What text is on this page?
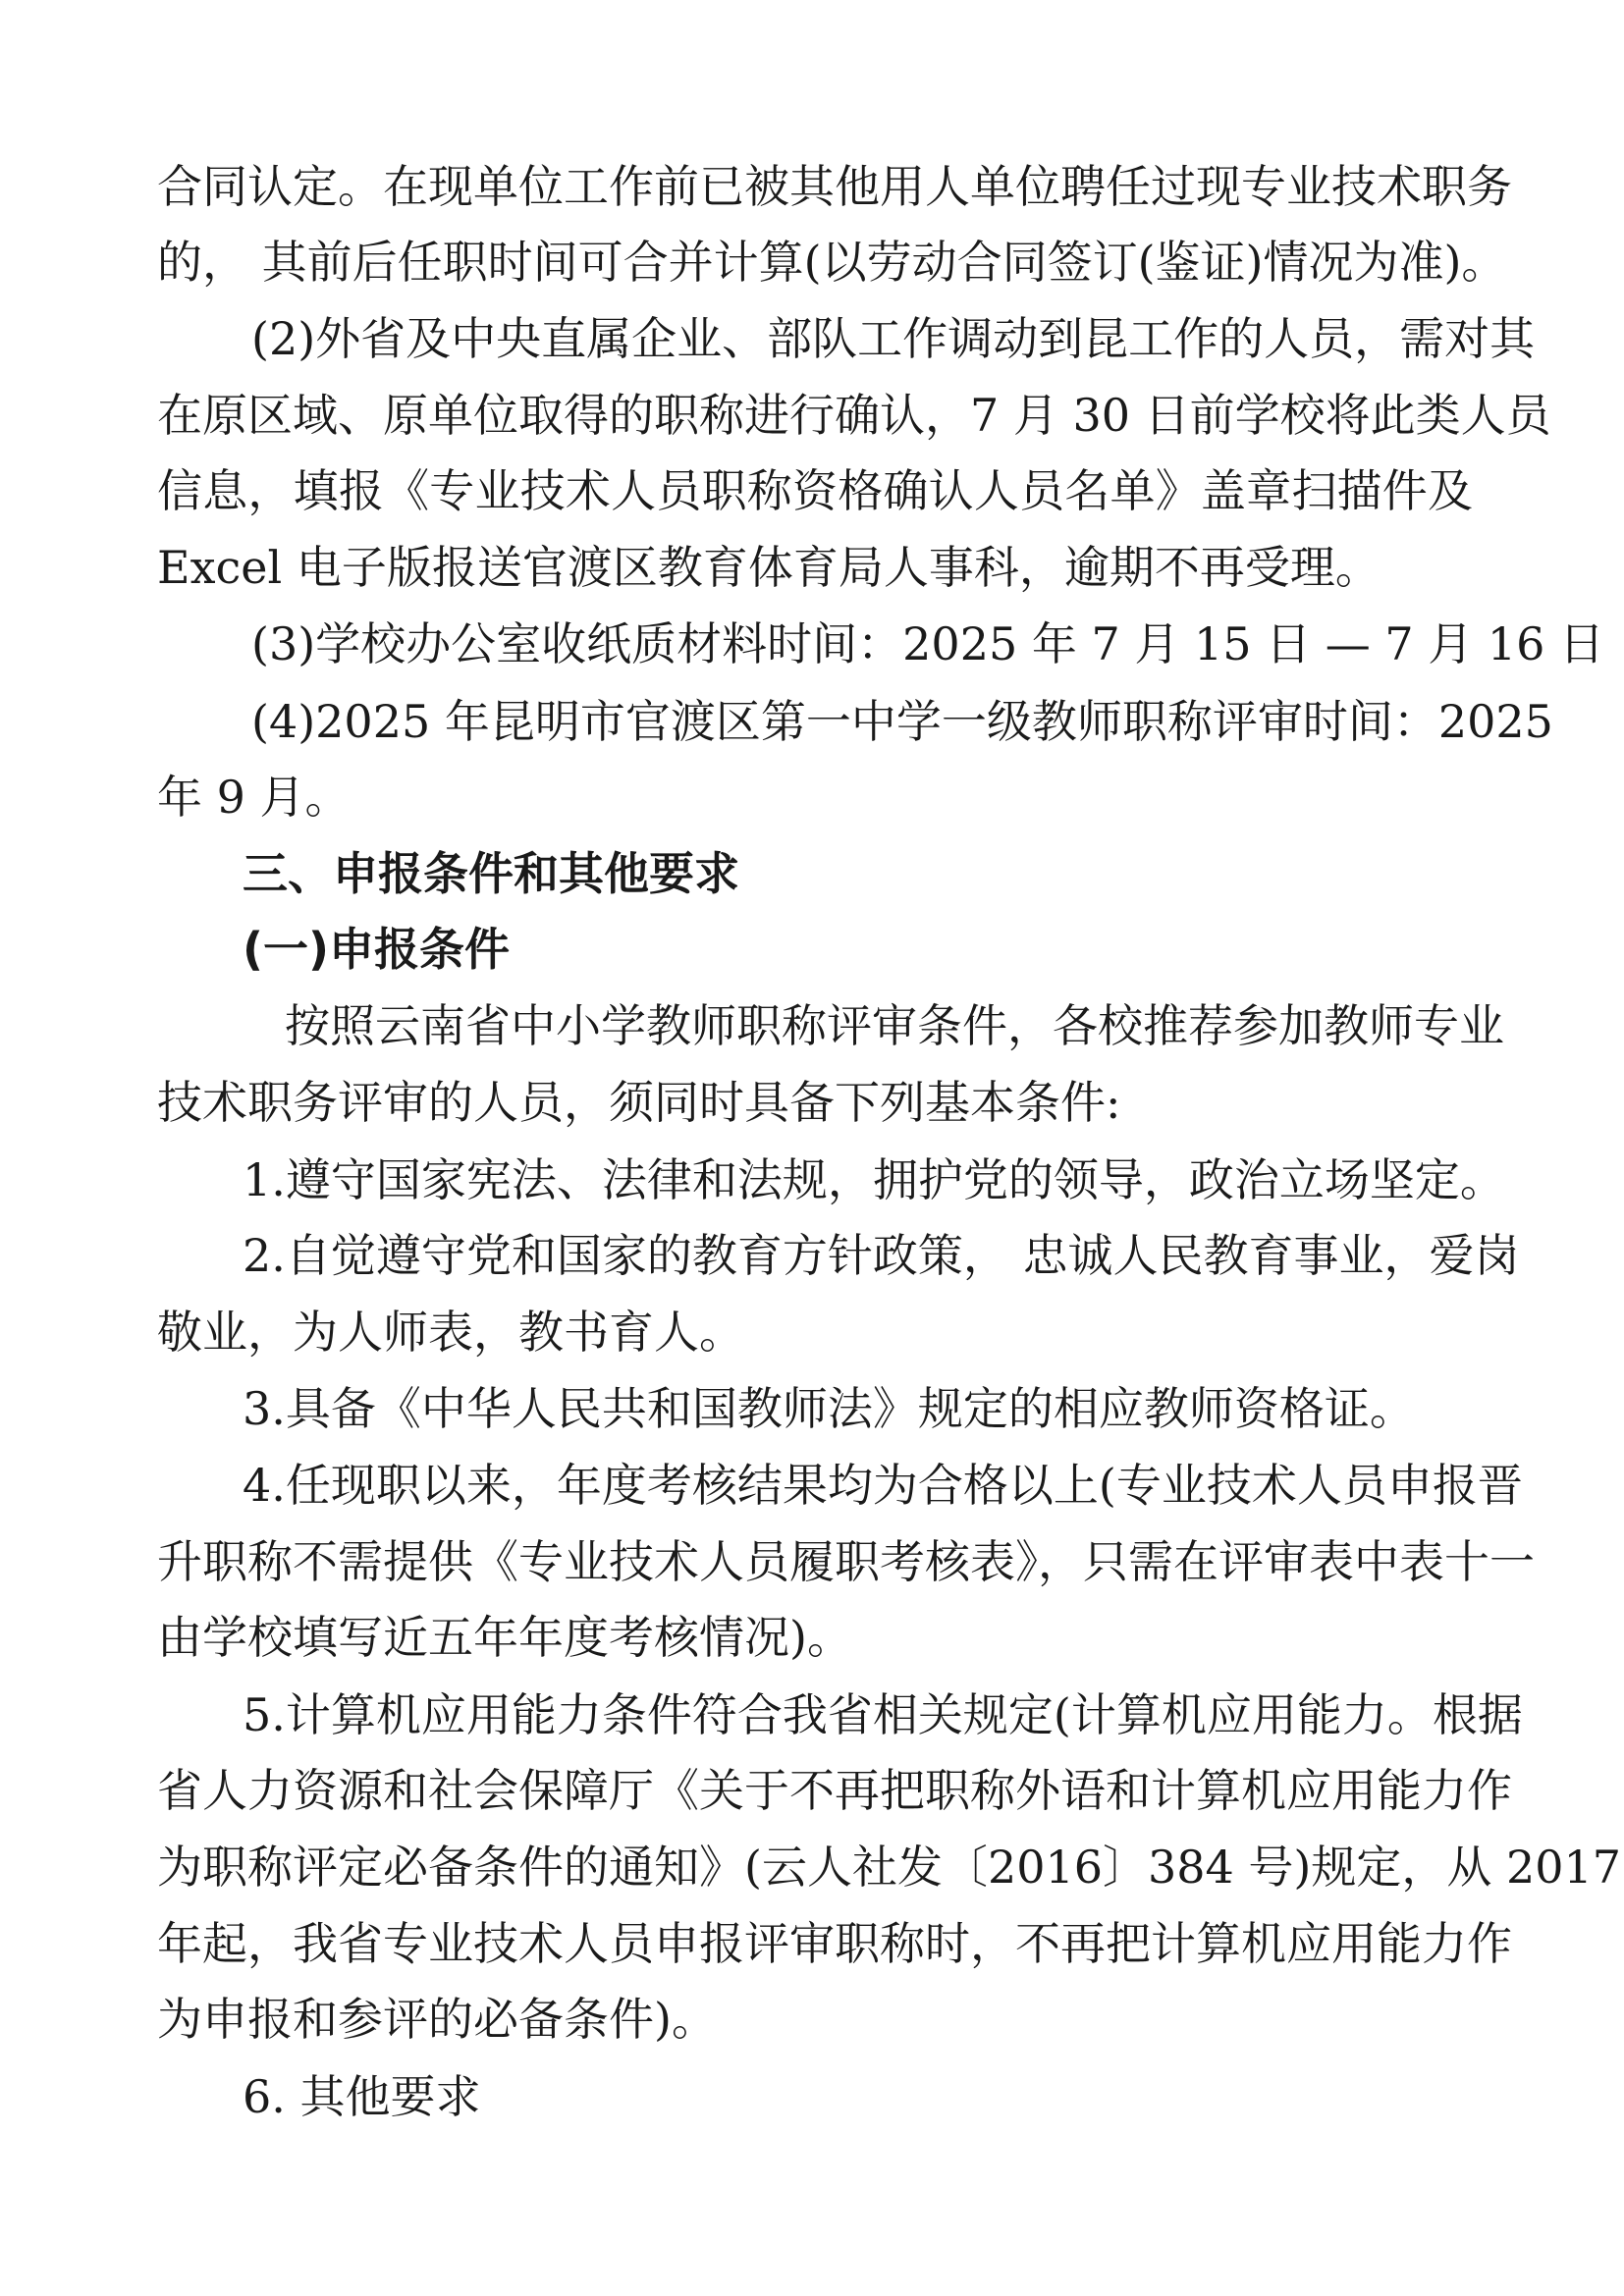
合同认定。在现单位工作前已被其他用人单位聘任过现专业技术职务
的， 其前后任职时间可合并计算(以劳动合同签订(鉴证)情况为准)。
(2)外省及中央直属企业、部队工作调动到昆工作的人员，需对其
在原区域、原单位取得的职称进行确认，7 月 30 日前学校将此类人员
信息，填报《专业技术人员职称资格确认人员名单》盖章扫描件及
Excel 电子版报送官渡区教育体育局人事科，逾期不再受理。
(3)学校办公室收纸质材料时间：2025 年 7 月 15 日 — 7 月 16 日
(4)2025 年昆明市官渡区第一中学一级教师职称评审时间：2025
年 9 月。
三、申报条件和其他要求
(一)申报条件
按照云南省中小学教师职称评审条件，各校推荐参加教师专业
技术职务评审的人员，须同时具备下列基本条件:
1.遵守国家宪法、法律和法规，拥护党的领导，政治立场坚定。
2.自觉遵守党和国家的教育方针政策， 忠诚人民教育事业，爱岗
敬业，为人师表，教书育人。
3.具备《中华人民共和国教师法》规定的相应教师资格证。
4.任现职以来，年度考核结果均为合格以上(专业技术人员申报晋
升职称不需提供《专业技术人员履职考核表》，只需在评审表中表十一
由学校填写近五年年度考核情况)。
5.计算机应用能力条件符合我省相关规定(计算机应用能力。根据
省人力资源和社会保障厅《关于不再把职称外语和计算机应用能力作
为职称评定必备条件的通知》(云人社发〔2016〕384 号)规定，从 2017
年起，我省专业技术人员申报评审职称时，不再把计算机应用能力作
为申报和参评的必备条件)。
6. 其他要求
